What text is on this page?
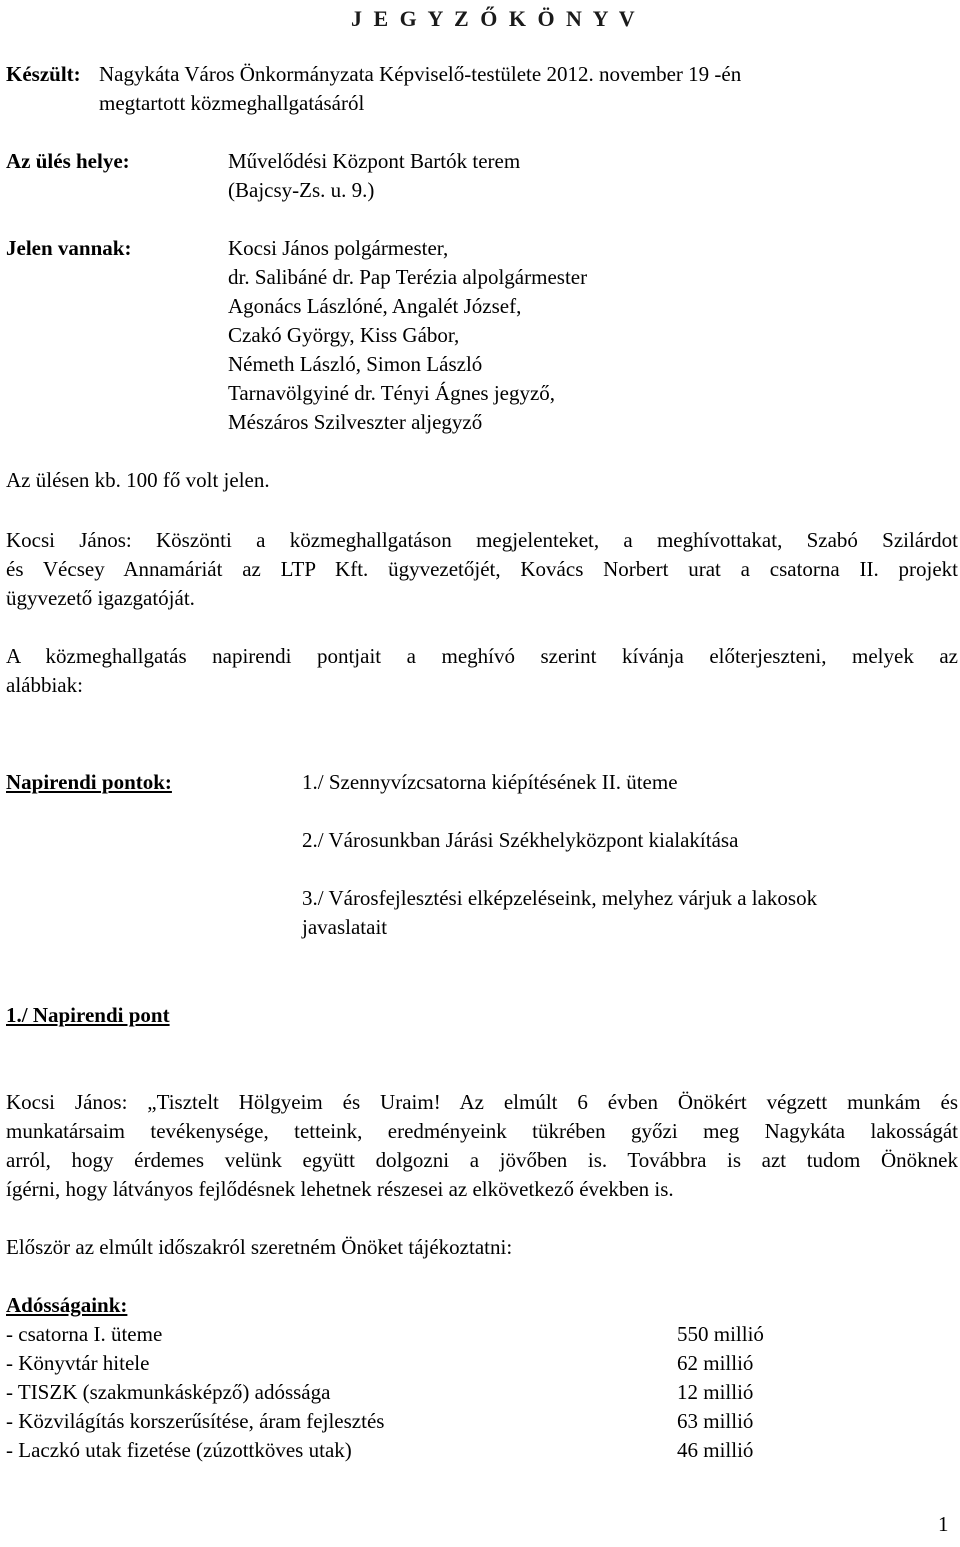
J E G Y Z Ő K Ö N Y V

Készült: Nagykáta Város Önkormányzata Képviselő-testülete 2012. november 19 -én

megtartott közmeghallgatásáról

Az ülés helye:	Művelődési Központ Bartók terem

(Bajcsy-Zs. u. 9.)

Jelen vannak:	Kocsi János polgármester,

dr. Salibáné dr. Pap Terézia alpolgármester

Agonács Lászlóné, Angalét József,

Czakó György, Kiss Gábor,

Németh László, Simon László

Tarnavölgyiné dr. Tényi Ágnes jegyző,

Mészáros Szilveszter aljegyző

Az ülésen kb. 100 fő volt jelen.

Kocsi János: Köszönti a közmeghallgatáson megjelenteket, a meghívottakat, Szabó Szilárdot

és Vécsey Annamáriát az LTP Kft. ügyvezetőjét, Kovács Norbert urat a csatorna II. projekt

ügyvezető igazgatóját.

A közmeghallgatás napirendi pontjait a meghívó szerint kívánja előterjeszteni, melyek az

alábbiak:

Napirendi pontok:	1./ Szennyvízcsatorna kiépítésének II. üteme

2./ Városunkban Járási Székhelyközpont kialakítása

3./ Városfejlesztési elképzeléseink, melyhez várjuk a lakosok

javaslatait

1./ Napirendi pont

Kocsi János: „Tisztelt Hölgyeim és Uraim! Az elmúlt 6 évben Önökért végzett munkám és

munkatársaim tevékenysége, tetteink, eredményeink tükrében győzi meg Nagykáta lakosságát

arról, hogy érdemes velünk együtt dolgozni a jövőben is. Továbbra is azt tudom Önöknek

ígérni, hogy látványos fejlődésnek lehetnek részesei az elkövetkező években is.

Először az elmúlt időszakról szeretném Önöket tájékoztatni:

Adósságaink:

- csatorna I. üteme	550 millió

- Könyvtár hitele	62 millió

- TISZK (szakmunkásképző) adóssága	12 millió

- Közvilágítás korszerűsítése, áram fejlesztés	63 millió

- Laczkó utak fizetése (zúzottköves utak)	46 millió

1
